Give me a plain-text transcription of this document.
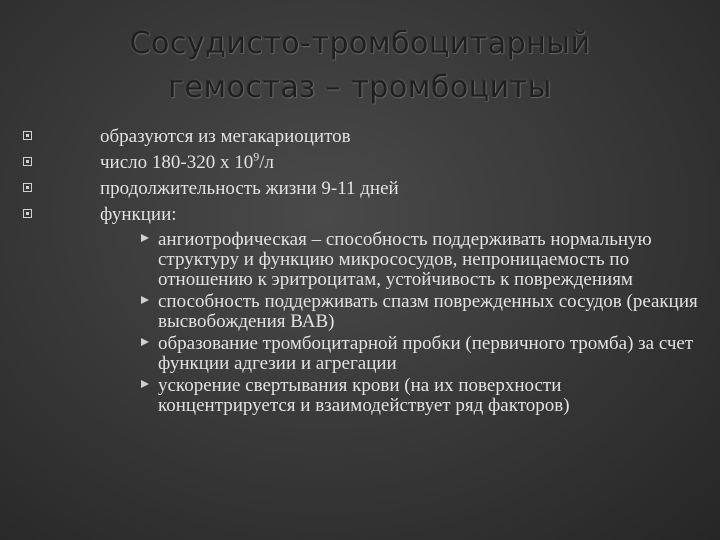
Сосудисто-тромбоцитарный
гемостаз – тромбоциты
образуются из мегакариоцитов
число 180-320 х $10^9/л$
продолжительность жизни 9-11 дней
функции:
ангиотрофическая – способность поддерживать нормальную структуру и функцию микрососудов, непроницаемость по отношению к эритроцитам, устойчивость к повреждениям
способность поддерживать спазм поврежденных сосудов (реакция высвобождения ВАВ)
образование тромбоцитарной пробки (первичного тромба) за счет функции адгезии и агрегации
ускорение свертывания крови (на их поверхности концентрируется и взаимодействует ряд факторов)
